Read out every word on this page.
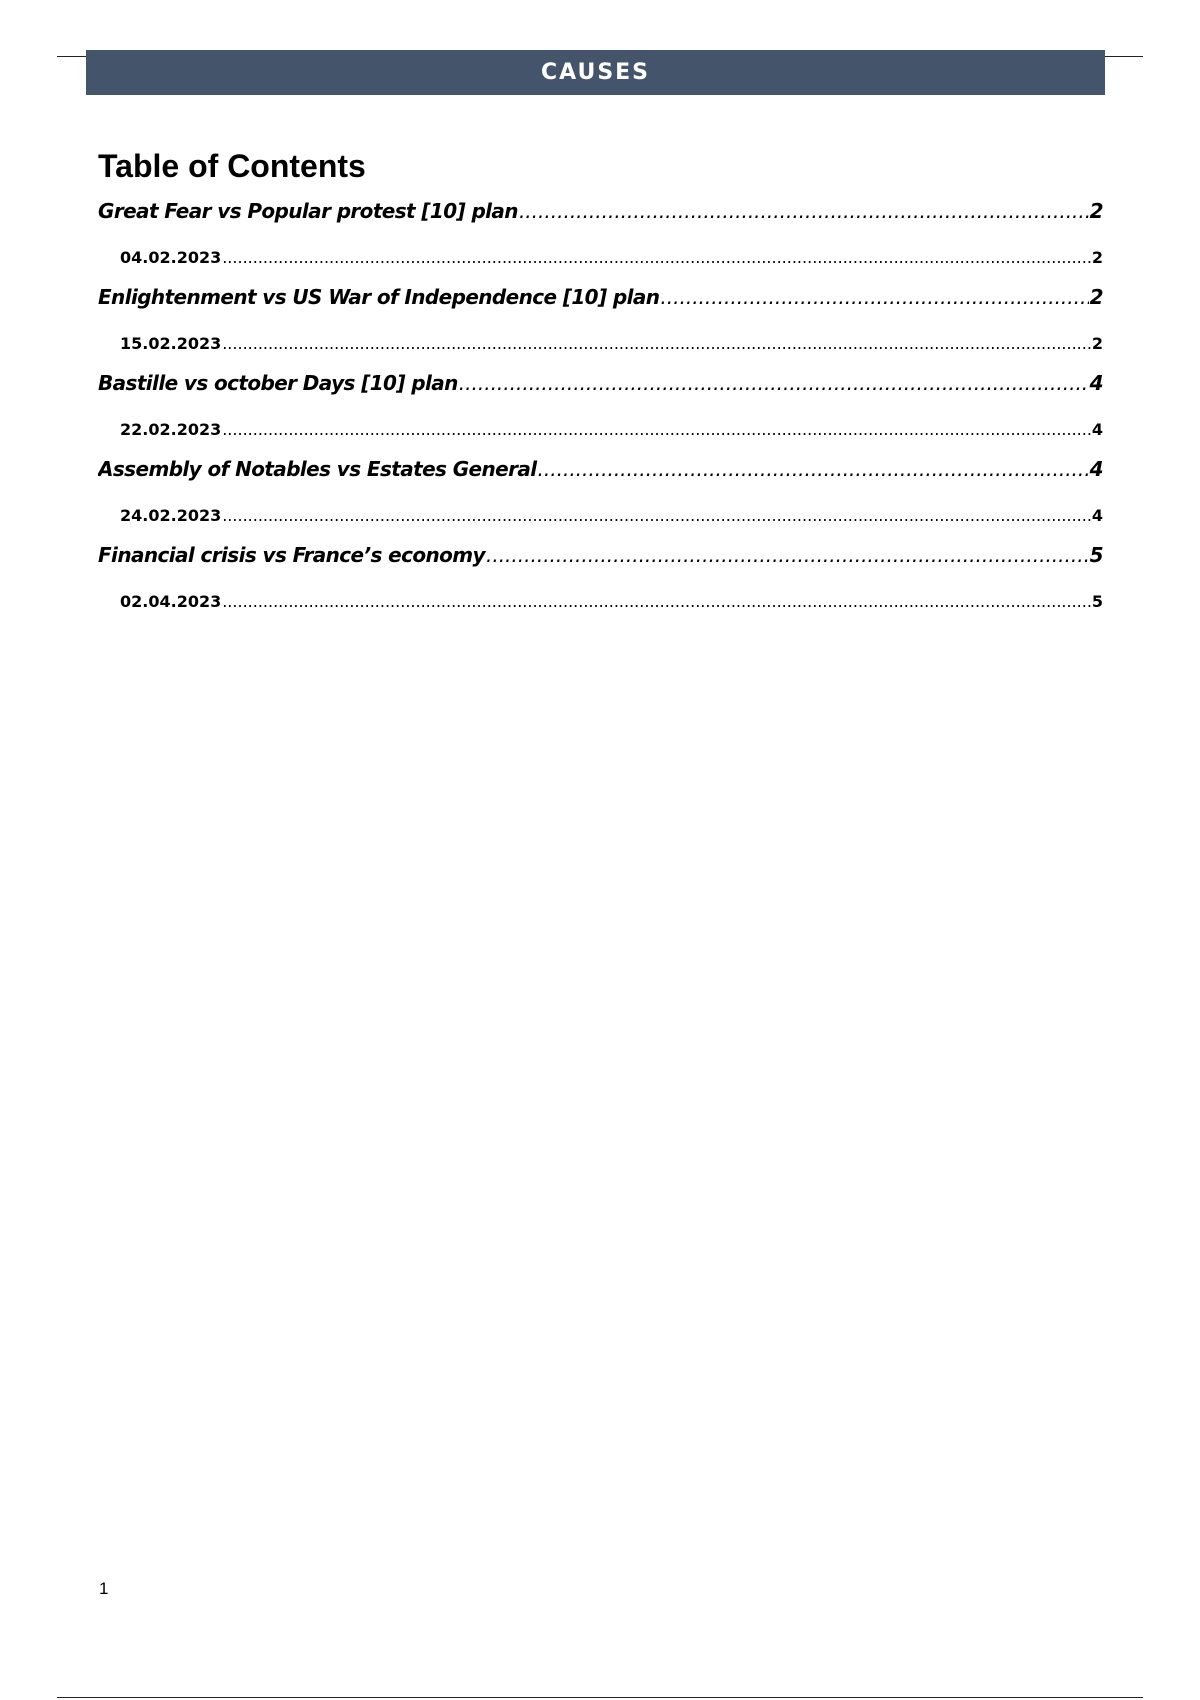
CAUSES
Table of Contents
Great Fear vs Popular protest [10] plan .....	2
04.02.2023 .....	2
Enlightenment vs US War of Independence [10] plan .....	2
15.02.2023 .....	2
Bastille vs october Days [10] plan .....	4
22.02.2023 .....	4
Assembly of Notables vs Estates General .....	4
24.02.2023 .....	4
Financial crisis vs France’s economy .....	5
02.04.2023 .....	5
1
